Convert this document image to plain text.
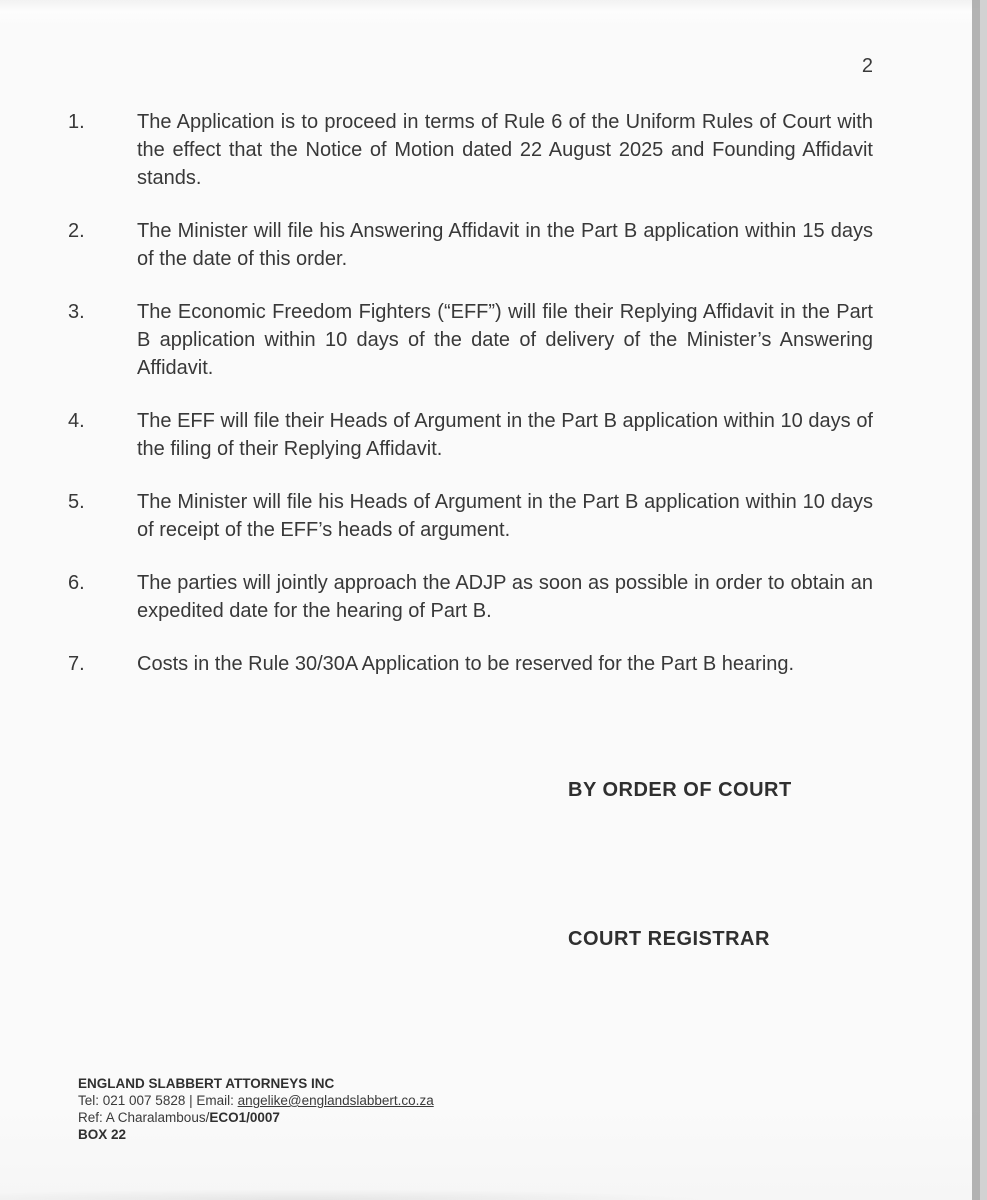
2
1.	The Application is to proceed in terms of Rule 6 of the Uniform Rules of Court with the effect that the Notice of Motion dated 22 August 2025 and Founding Affidavit stands.
2.	The Minister will file his Answering Affidavit in the Part B application within 15 days of the date of this order.
3.	The Economic Freedom Fighters (“EFF”) will file their Replying Affidavit in the Part B application within 10 days of the date of delivery of the Minister’s Answering Affidavit.
4.	The EFF will file their Heads of Argument in the Part B application within 10 days of the filing of their Replying Affidavit.
5.	The Minister will file his Heads of Argument in the Part B application within 10 days of receipt of the EFF’s heads of argument.
6.	The parties will jointly approach the ADJP as soon as possible in order to obtain an expedited date for the hearing of Part B.
7.	Costs in the Rule 30/30A Application to be reserved for the Part B hearing.
BY ORDER OF COURT
COURT REGISTRAR
ENGLAND SLABBERT ATTORNEYS INC
Tel: 021 007 5828 | Email: angelike@englandslabbert.co.za
Ref: A Charalambous/ECO1/0007
BOX 22
